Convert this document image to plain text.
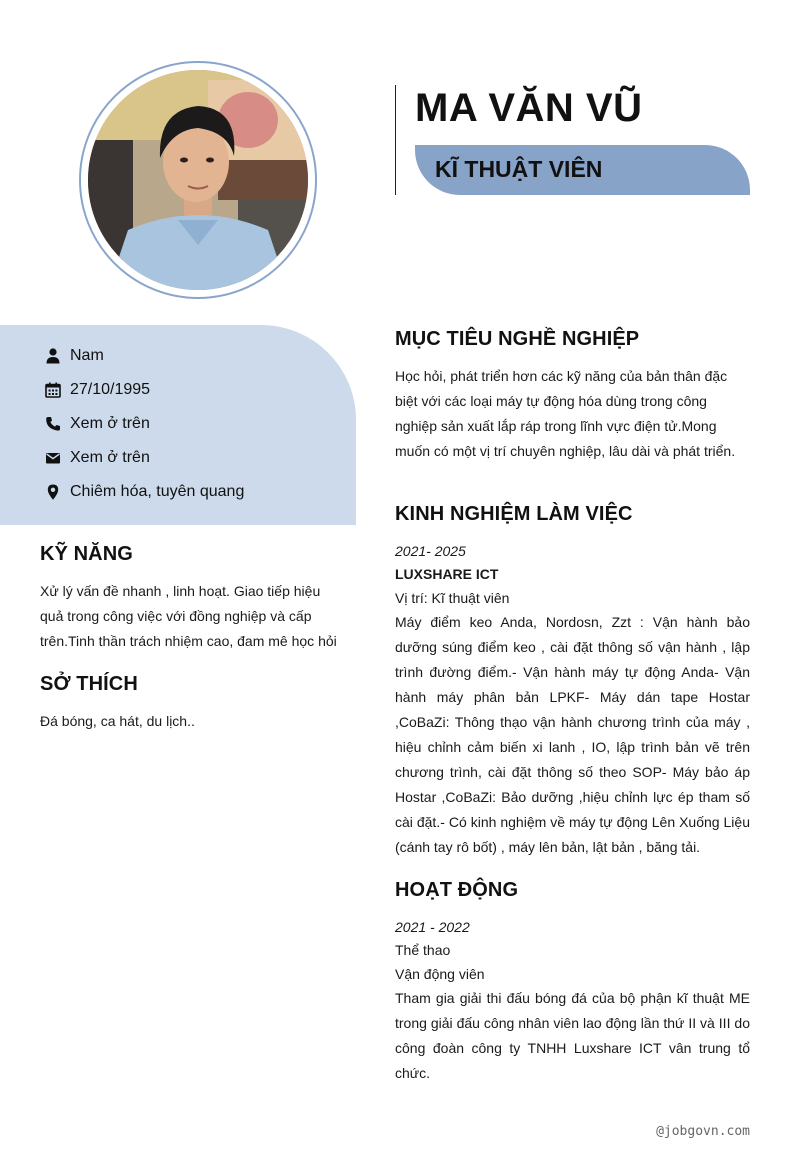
MA VĂN VŨ
KĨ THUẬT VIÊN
Nam
27/10/1995
Xem ở trên
Xem ở trên
Chiêm hóa, tuyên quang
KỸ NĂNG

Xử lý vấn đề nhanh , linh hoạt. Giao tiếp hiệu quả trong công việc với đồng nghiệp và cấp trên.Tinh thần trách nhiệm cao, đam mê học hỏi

SỞ THÍCH

Đá bóng, ca hát, du lịch..

MỤC TIÊU NGHỀ NGHIỆP

Học hỏi, phát triển hơn các kỹ năng của bản thân đặc biệt với các loại máy tự động hóa dùng trong công nghiệp sản xuất lắp ráp trong lĩnh vực điện tử.Mong muốn có một vị trí chuyên nghiệp, lâu dài và phát triển.

KINH NGHIỆM LÀM VIỆC
2021- 2025
LUXSHARE ICT
Vị trí: Kĩ thuật viên

Máy điểm keo Anda, Nordosn, Zzt : Vận hành bảo dưỡng súng điểm keo , cài đặt thông số vận hành , lập trình đường điểm.- Vận hành máy tự động Anda- Vận hành máy phân bản LPKF- Máy dán tape Hostar ,CoBaZi: Thông thạo vận hành chương trình của máy , hiệu chỉnh cảm biến xi lanh , IO, lập trình bản vẽ trên chương trình, cài đặt thông số theo SOP- Máy bảo áp Hostar ,CoBaZi: Bảo dưỡng ,hiệu chỉnh lực ép tham số cài đặt.- Có kinh nghiệm về máy tự động Lên Xuống Liệu (cánh tay rô bốt) , máy lên bản, lật bản , băng tải.

HOẠT ĐỘNG
2021 - 2022
Thể thao
Vận động viên

Tham gia giải thi đấu bóng đá của bộ phận kĩ thuật ME trong giải đấu công nhân viên lao động lần thứ II và III do công đoàn công ty TNHH Luxshare ICT vân trung tổ chức.

@jobgovn.com
